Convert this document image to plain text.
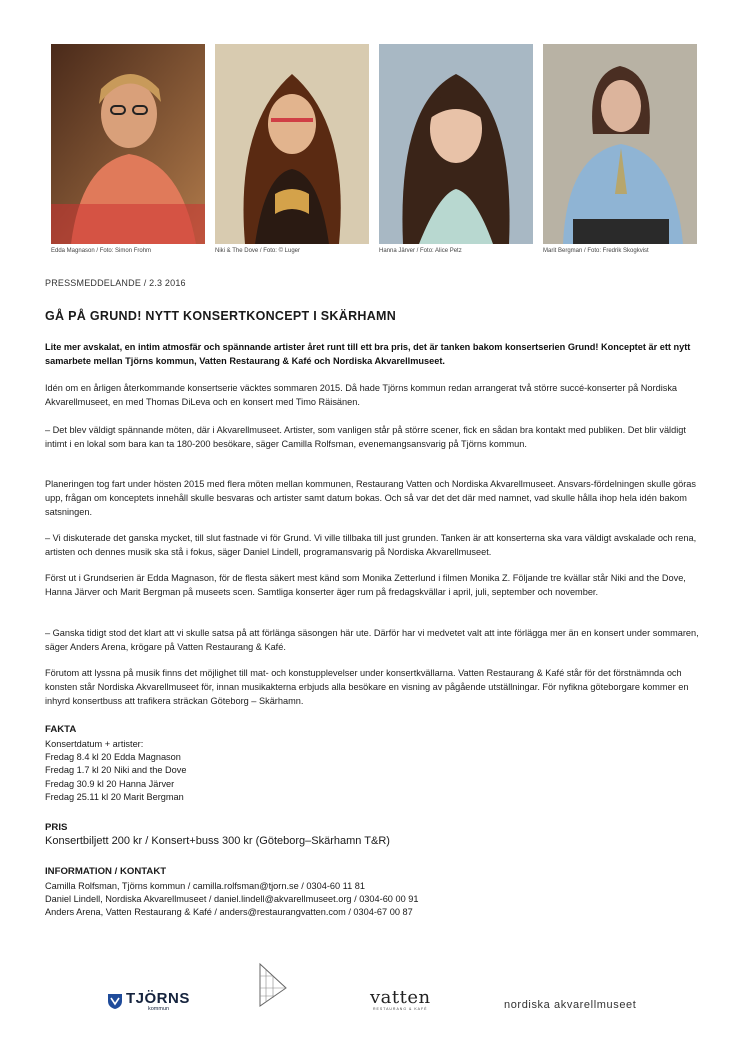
Edda Magnason / Foto: Simon Frohm	Niki & The Dove / Foto: © Luger	Hanna Järver / Foto: Alice Petz	Marit Bergman / Foto: Fredrik Skogkvist
PRESSMEDDELANDE / 2.3 2016
GÅ PÅ GRUND! NYTT KONSERTKONCEPT I SKÄRHAMN

Lite mer avskalat, en intim atmosfär och spännande artister året runt till ett bra pris, det är tanken bakom konsertserien Grund! Konceptet är ett nytt samarbete mellan Tjörns kommun, Vatten Restaurang & Kafé och Nordiska Akvarellmuseet.

Idén om en årligen återkommande konsertserie väcktes sommaren 2015. Då hade Tjörns kommun redan arrangerat två större succé-konserter på Nordiska Akvarellmuseet, en med Thomas DiLeva och en konsert med Timo Räisänen.

– Det blev väldigt spännande möten, där i Akvarellmuseet. Artister, som vanligen står på större scener, fick en sådan bra kontakt med publiken. Det blir väldigt intimt i en lokal som bara kan ta 180-200 besökare, säger Camilla Rolfsman, evenemangsansvarig på Tjörns kommun.

Planeringen tog fart under hösten 2015 med flera möten mellan kommunen, Restaurang Vatten och Nordiska Akvarellmuseet. Ansvars-fördelningen skulle göras upp, frågan om konceptets innehåll skulle besvaras och artister samt datum bokas. Och så var det det där med namnet, vad skulle hålla ihop hela idén bakom satsningen.

– Vi diskuterade det ganska mycket, till slut fastnade vi för Grund. Vi ville tillbaka till just grunden. Tanken är att konserterna ska vara väldigt avskalade och rena, artisten och dennes musik ska stå i fokus, säger Daniel Lindell, programansvarig på Nordiska Akvarellmuseet.

Först ut i Grundserien är Edda Magnason, för de flesta säkert mest känd som Monika Zetterlund i filmen Monika Z. Följande tre kvällar står Niki and the Dove, Hanna Järver och Marit Bergman på museets scen. Samtliga konserter äger rum på fredagskvällar i april, juli, september och november.

– Ganska tidigt stod det klart att vi skulle satsa på att förlänga säsongen här ute. Därför har vi medvetet valt att inte förlägga mer än en konsert under sommaren, säger Anders Arena, krögare på Vatten Restaurang & Kafé.

Förutom att lyssna på musik finns det möjlighet till mat- och konstupplevelser under konsertkvällarna. Vatten Restaurang & Kafé står för det förstnämnda och konsten står Nordiska Akvarellmuseet för, innan musikakterna erbjuds alla besökare en visning av pågående utställningar. För nyfikna göteborgare kommer en inhyrd konsertbuss att trafikera sträckan Göteborg – Skärhamn.

FAKTA
Konsertdatum + artister:
Fredag 8.4 kl 20 Edda Magnason
Fredag 1.7 kl 20 Niki and the Dove
Fredag 30.9 kl 20 Hanna Järver
Fredag 25.11 kl 20 Marit Bergman
PRIS

Konsertbiljett 200 kr / Konsert+buss 300 kr (Göteborg–Skärhamn T&R)

INFORMATION / KONTAKT
Camilla Rolfsman, Tjörns kommun / camilla.rolfsman@tjorn.se / 0304-60 11 81
Daniel Lindell, Nordiska Akvarellmuseet / daniel.lindell@akvarellmuseet.org / 0304-60 00 91
Anders Arena, Vatten Restaurang & Kafé / anders@restaurangvatten.com / 0304-67 00 87
TJÖRNS
kommun
vatten
RESTAURANG & KAFÉ	nordiska akvarellmuseet
